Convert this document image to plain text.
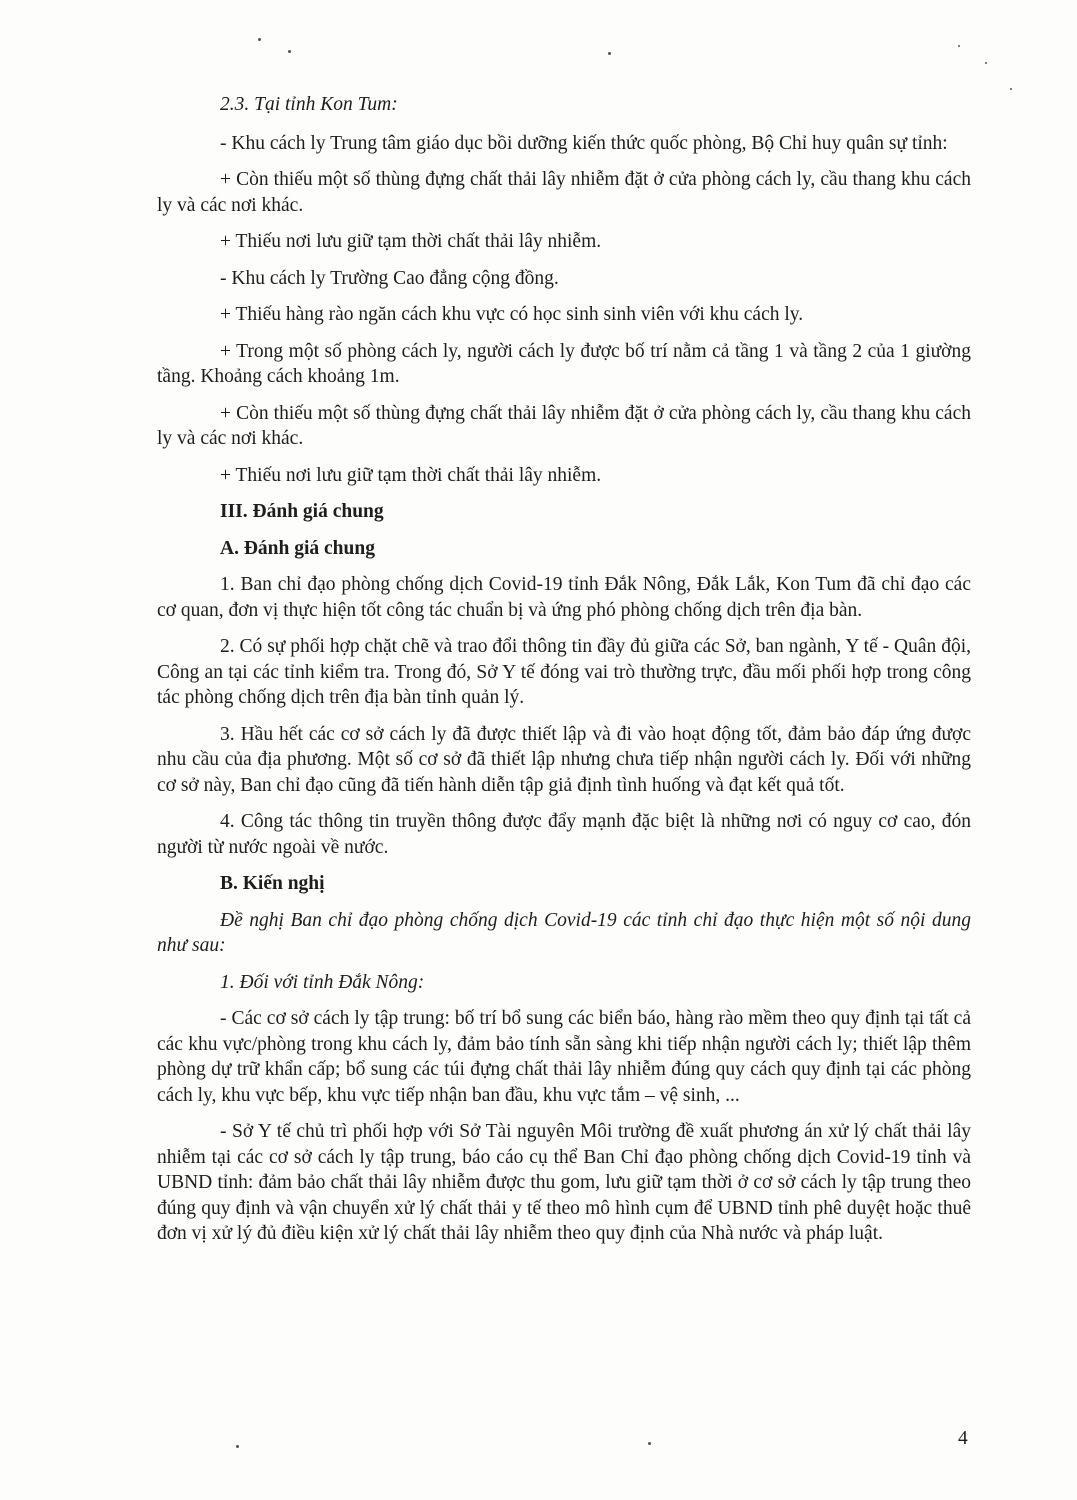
2.3. Tại tỉnh Kon Tum:

- Khu cách ly Trung tâm giáo dục bồi dưỡng kiến thức quốc phòng, Bộ Chỉ huy quân sự tỉnh:

+ Còn thiếu một số thùng đựng chất thải lây nhiễm đặt ở cửa phòng cách ly, cầu thang khu cách ly và các nơi khác.

+ Thiếu nơi lưu giữ tạm thời chất thải lây nhiễm.

- Khu cách ly Trường Cao đẳng cộng đồng.

+ Thiếu hàng rào ngăn cách khu vực có học sinh sinh viên với khu cách ly.

+ Trong một số phòng cách ly, người cách ly được bố trí nằm cả tầng 1 và tầng 2 của 1 giường tầng. Khoảng cách khoảng 1m.

+ Còn thiếu một số thùng đựng chất thải lây nhiễm đặt ở cửa phòng cách ly, cầu thang khu cách ly và các nơi khác.

+ Thiếu nơi lưu giữ tạm thời chất thải lây nhiễm.

III. Đánh giá chung

A. Đánh giá chung

1. Ban chỉ đạo phòng chống dịch Covid-19 tỉnh Đắk Nông, Đắk Lắk, Kon Tum đã chỉ đạo các cơ quan, đơn vị thực hiện tốt công tác chuẩn bị và ứng phó phòng chống dịch trên địa bàn.

2. Có sự phối hợp chặt chẽ và trao đổi thông tin đầy đủ giữa các Sở, ban ngành, Y tế - Quân đội, Công an tại các tỉnh kiểm tra. Trong đó, Sở Y tế đóng vai trò thường trực, đầu mối phối hợp trong công tác phòng chống dịch trên địa bàn tỉnh quản lý.

3. Hầu hết các cơ sở cách ly đã được thiết lập và đi vào hoạt động tốt, đảm bảo đáp ứng được nhu cầu của địa phương. Một số cơ sở đã thiết lập nhưng chưa tiếp nhận người cách ly. Đối với những cơ sở này, Ban chỉ đạo cũng đã tiến hành diễn tập giả định tình huống và đạt kết quả tốt.

4. Công tác thông tin truyền thông được đẩy mạnh đặc biệt là những nơi có nguy cơ cao, đón người từ nước ngoài về nước.

B. Kiến nghị

Đề nghị Ban chỉ đạo phòng chống dịch Covid-19 các tỉnh chỉ đạo thực hiện một số nội dung như sau:

1. Đối với tỉnh Đắk Nông:

- Các cơ sở cách ly tập trung: bố trí bổ sung các biển báo, hàng rào mềm theo quy định tại tất cả các khu vực/phòng trong khu cách ly, đảm bảo tính sẵn sàng khi tiếp nhận người cách ly; thiết lập thêm phòng dự trữ khẩn cấp; bổ sung các túi đựng chất thải lây nhiễm đúng quy cách quy định tại các phòng cách ly, khu vực bếp, khu vực tiếp nhận ban đầu, khu vực tắm – vệ sinh, ...

- Sở Y tế chủ trì phối hợp với Sở Tài nguyên Môi trường đề xuất phương án xử lý chất thải lây nhiễm tại các cơ sở cách ly tập trung, báo cáo cụ thể Ban Chỉ đạo phòng chống dịch Covid-19 tỉnh và UBND tỉnh: đảm bảo chất thải lây nhiễm được thu gom, lưu giữ tạm thời ở cơ sở cách ly tập trung theo đúng quy định và vận chuyển xử lý chất thải y tế theo mô hình cụm để UBND tỉnh phê duyệt hoặc thuê đơn vị xử lý đủ điều kiện xử lý chất thải lây nhiễm theo quy định của Nhà nước và pháp luật.

4
